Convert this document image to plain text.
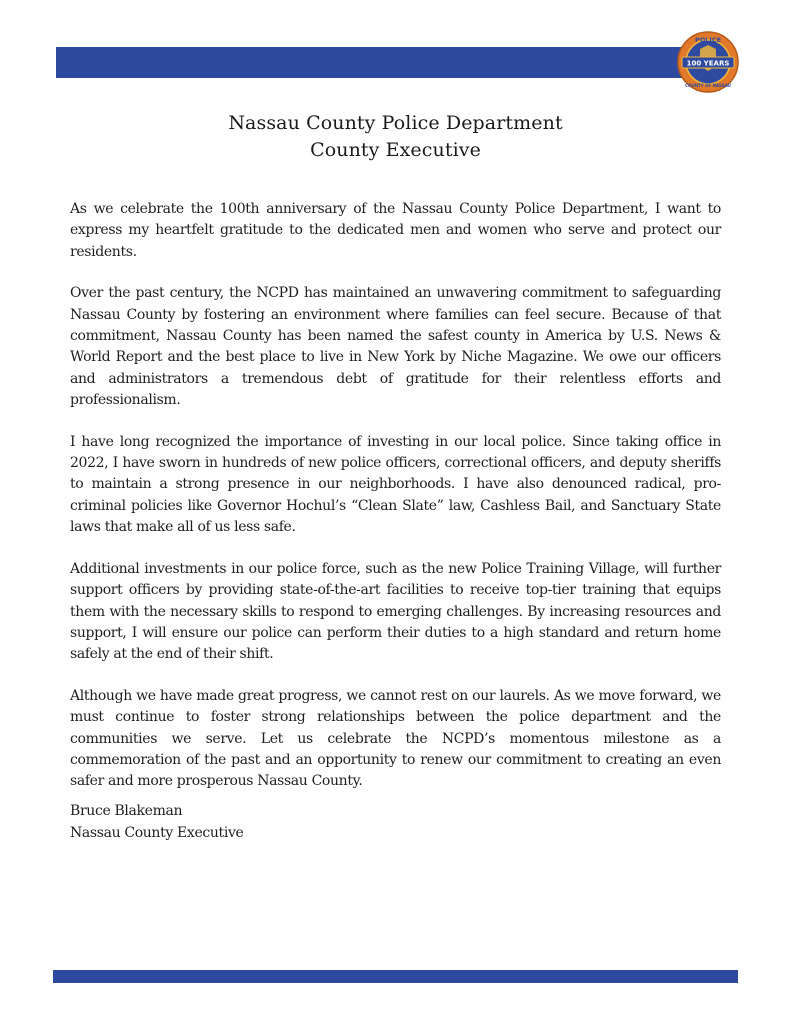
100 YEARS
POLICE
COUNTY OF NASSAU
Nassau County Police Department
County Executive

As we celebrate the 100th anniversary of the Nassau County Police Department, I want to express my heartfelt gratitude to the dedicated men and women who serve and protect our residents.

Over the past century, the NCPD has maintained an unwavering commitment to safeguarding Nassau County by fostering an environment where families can feel secure. Because of that commitment, Nassau County has been named the safest county in America by U.S. News & World Report and the best place to live in New York by Niche Magazine. We owe our officers and administrators a tremendous debt of gratitude for their relentless efforts and professionalism.

I have long recognized the importance of investing in our local police. Since taking office in 2022, I have sworn in hundreds of new police officers, correctional officers, and deputy sheriffs to maintain a strong presence in our neighborhoods. I have also denounced radical, pro-criminal policies like Governor Hochul’s “Clean Slate” law, Cashless Bail, and Sanctuary State laws that make all of us less safe.

Additional investments in our police force, such as the new Police Training Village, will further support officers by providing state-of-the-art facilities to receive top-tier training that equips them with the necessary skills to respond to emerging challenges. By increasing resources and support, I will ensure our police can perform their duties to a high standard and return home safely at the end of their shift.

Although we have made great progress, we cannot rest on our laurels. As we move forward, we must continue to foster strong relationships between the police department and the communities we serve. Let us celebrate the NCPD’s momentous milestone as a commemoration of the past and an opportunity to renew our commitment to creating an even safer and more prosperous Nassau County.

Bruce Blakeman
Nassau County Executive
